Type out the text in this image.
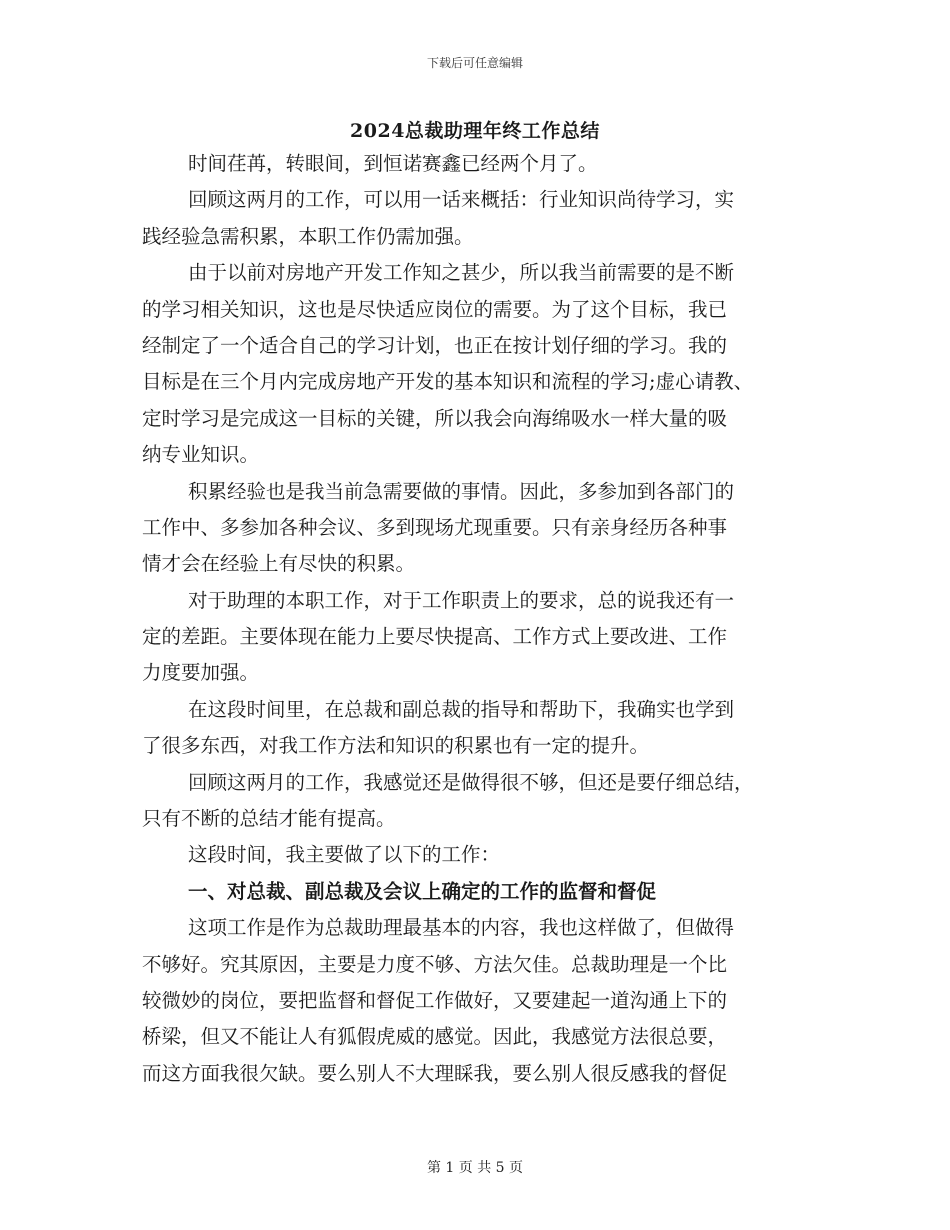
下载后可任意编辑
2024总裁助理年终工作总结
时间荏苒，转眼间，到恒诺赛鑫已经两个月了。
回顾这两月的工作，可以用一话来概括：行业知识尚待学习，实
践经验急需积累，本职工作仍需加强。
由于以前对房地产开发工作知之甚少，所以我当前需要的是不断
的学习相关知识，这也是尽快适应岗位的需要。为了这个目标，我已
经制定了一个适合自己的学习计划，也正在按计划仔细的学习。我的
目标是在三个月内完成房地产开发的基本知识和流程的学习;虚心请教、
定时学习是完成这一目标的关键，所以我会向海绵吸水一样大量的吸
纳专业知识。
积累经验也是我当前急需要做的事情。因此，多参加到各部门的
工作中、多参加各种会议、多到现场尤现重要。只有亲身经历各种事
情才会在经验上有尽快的积累。
对于助理的本职工作，对于工作职责上的要求，总的说我还有一
定的差距。主要体现在能力上要尽快提高、工作方式上要改进、工作
力度要加强。
在这段时间里，在总裁和副总裁的指导和帮助下，我确实也学到
了很多东西，对我工作方法和知识的积累也有一定的提升。
回顾这两月的工作，我感觉还是做得很不够，但还是要仔细总结，
只有不断的总结才能有提高。
这段时间，我主要做了以下的工作：
一、对总裁、副总裁及会议上确定的工作的监督和督促
这项工作是作为总裁助理最基本的内容，我也这样做了，但做得
不够好。究其原因，主要是力度不够、方法欠佳。总裁助理是一个比
较微妙的岗位，要把监督和督促工作做好，又要建起一道沟通上下的
桥梁，但又不能让人有狐假虎威的感觉。因此，我感觉方法很总要，
而这方面我很欠缺。要么别人不大理睬我，要么别人很反感我的督促
第 1 页 共 5 页
